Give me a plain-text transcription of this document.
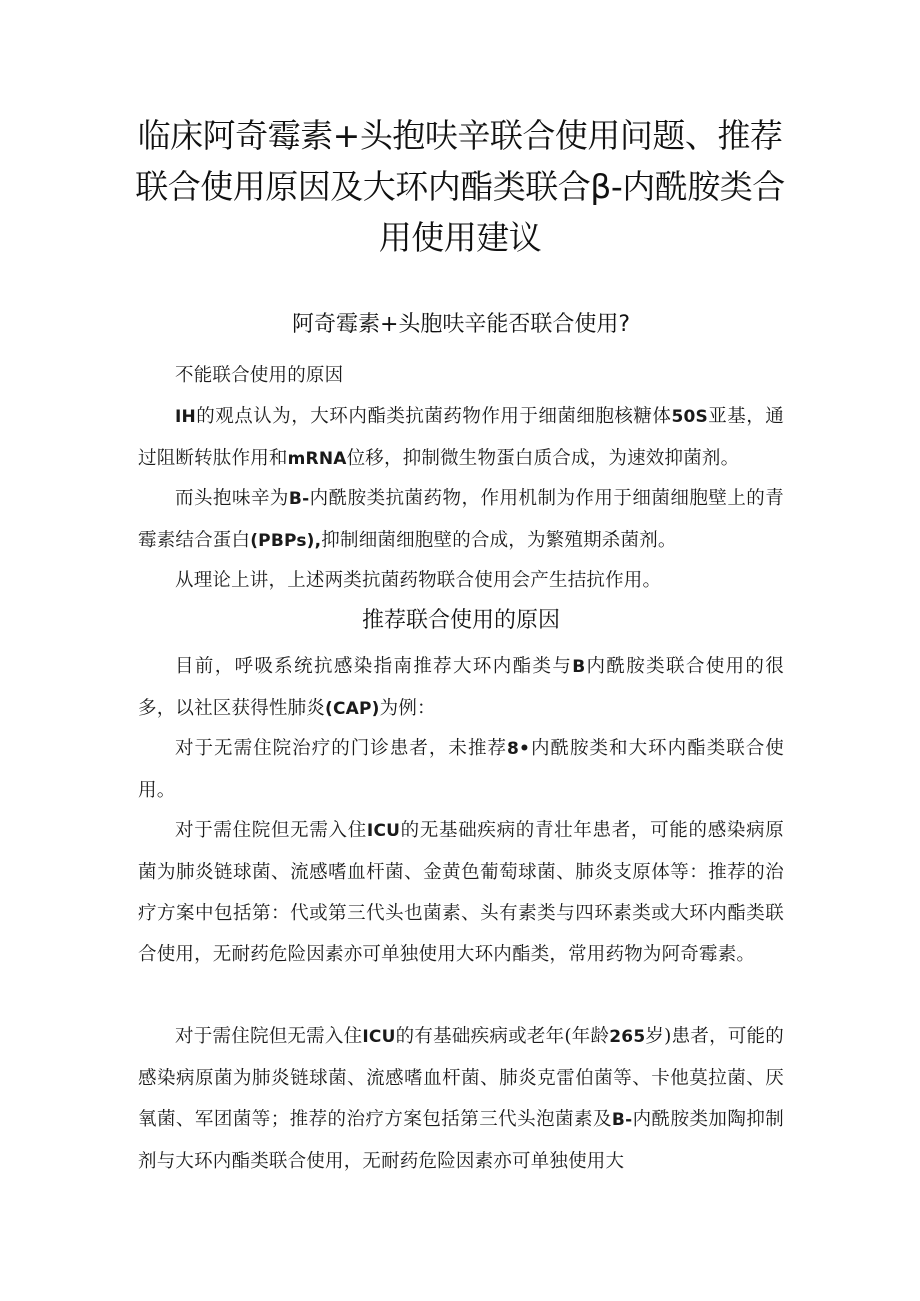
临床阿奇霉素+头抱呋辛联合使用问题、推荐联合使用原因及大环内酯类联合β-内酰胺类合用使用建议
阿奇霉素+头胞呋辛能否联合使用?

不能联合使用的原因

IH的观点认为，大环内酯类抗菌药物作用于细菌细胞核糖体50S亚基，通过阻断转肽作用和mRNA位移，抑制微生物蛋白质合成，为速效抑菌剂。

而头抱味辛为B-内酰胺类抗菌药物，作用机制为作用于细菌细胞壁上的青霉素结合蛋白(PBPs),抑制细菌细胞壁的合成，为繁殖期杀菌剂。

从理论上讲，上述两类抗菌药物联合使用会产生拮抗作用。

推荐联合使用的原因

目前，呼吸系统抗感染指南推荐大环内酯类与B内酰胺类联合使用的很多，以社区获得性肺炎(CAP)为例：

对于无需住院治疗的门诊患者，未推荐8•内酰胺类和大环内酯类联合使用。

对于需住院但无需入住ICU的无基础疾病的青壮年患者，可能的感染病原菌为肺炎链球菌、流感嗜血杆菌、金黄色葡萄球菌、肺炎支原体等：推荐的治疗方案中包括第：代或第三代头也菌素、头有素类与四环素类或大环内酯类联合使用，无耐药危险因素亦可单独使用大环内酯类，常用药物为阿奇霉素。

对于需住院但无需入住ICU的有基础疾病或老年(年龄265岁)患者，可能的感染病原菌为肺炎链球菌、流感嗜血杆菌、肺炎克雷伯菌等、卡他莫拉菌、厌氧菌、军团菌等；推荐的治疗方案包括第三代头泡菌素及B-内酰胺类加陶抑制剂与大环内酯类联合使用，无耐药危险因素亦可单独使用大
